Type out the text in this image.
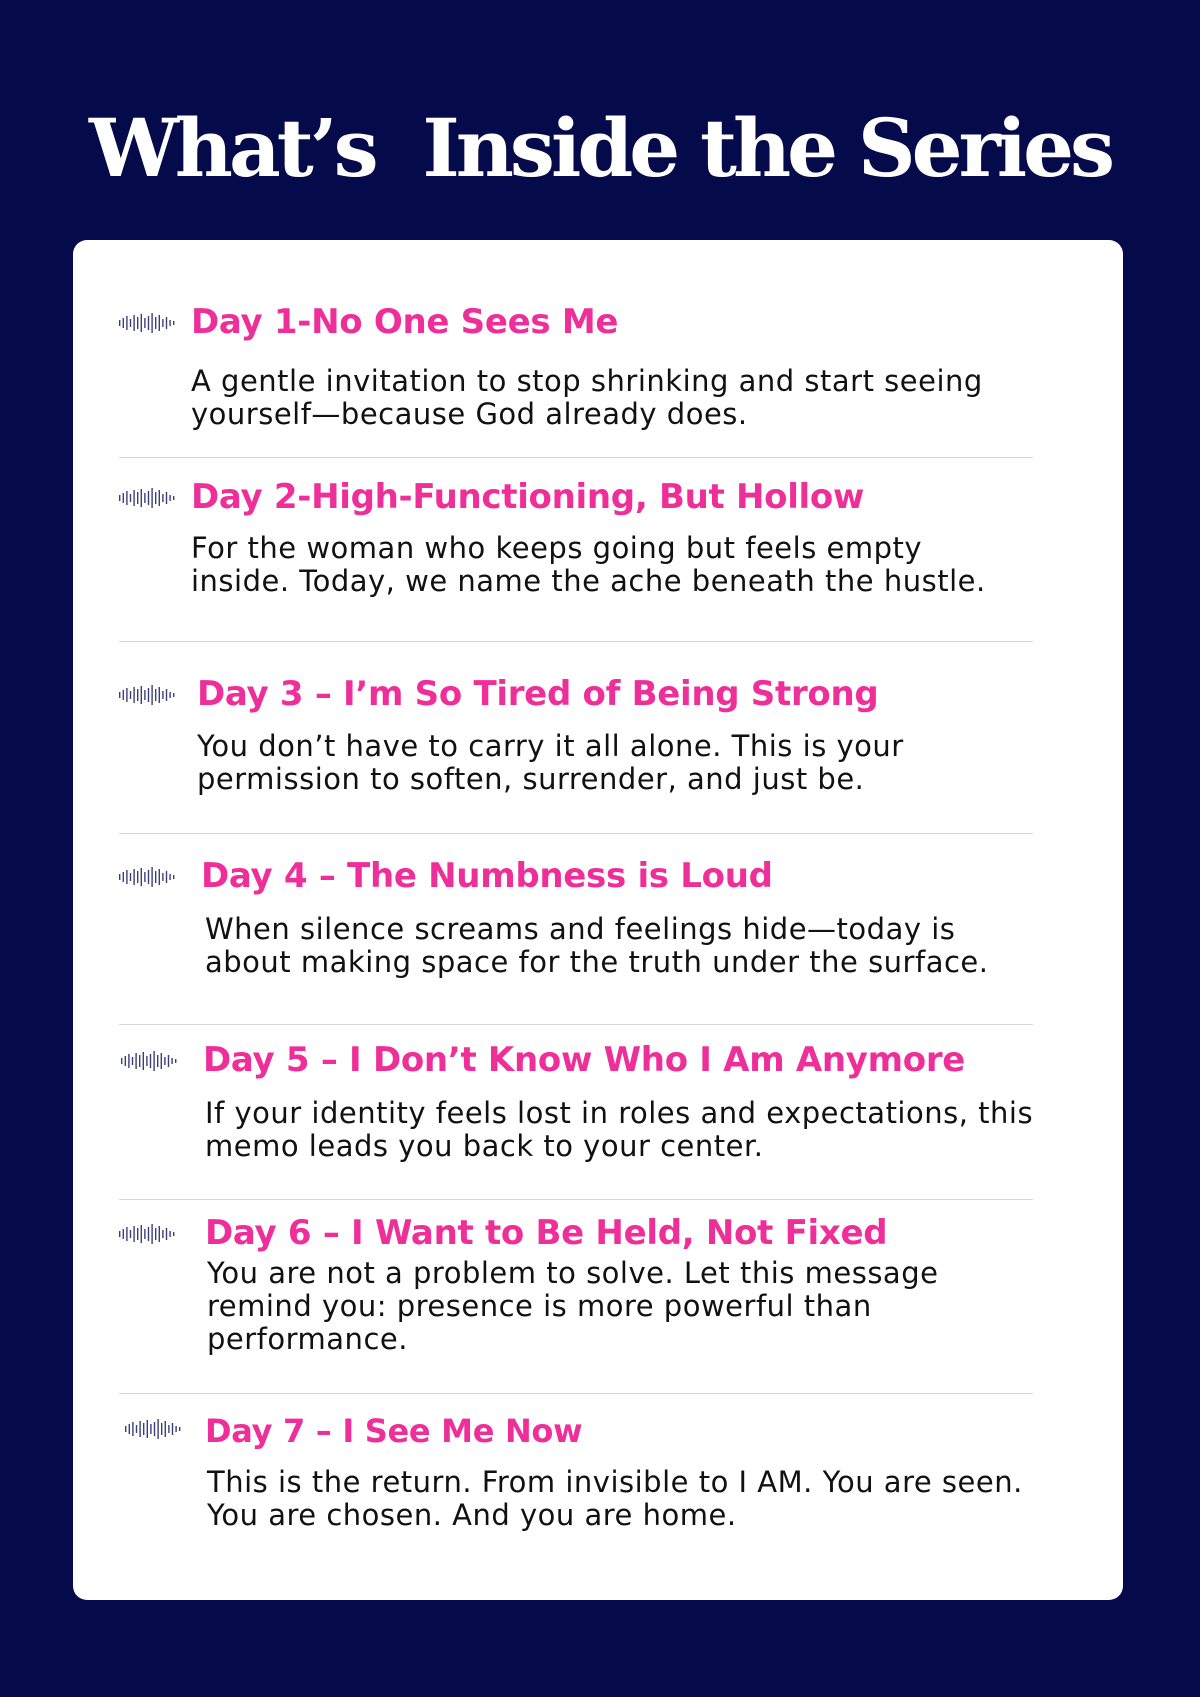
What’s  Inside the Series
Day 1-No One Sees Me
A gentle invitation to stop shrinking and start seeing
yourself—because God already does.
Day 2-High-Functioning, But Hollow
For the woman who keeps going but feels empty
inside. Today, we name the ache beneath the hustle.
Day 3 – I’m So Tired of Being Strong
You don’t have to carry it all alone. This is your
permission to soften, surrender, and just be.
Day 4 – The Numbness is Loud
When silence screams and feelings hide—today is
about making space for the truth under the surface.
Day 5 – I Don’t Know Who I Am Anymore
If your identity feels lost in roles and expectations, this
memo leads you back to your center.
Day 6 – I Want to Be Held, Not Fixed
You are not a problem to solve. Let this message
remind you: presence is more powerful than
performance.
Day 7 – I See Me Now
This is the return. From invisible to I AM. You are seen.
You are chosen. And you are home.
